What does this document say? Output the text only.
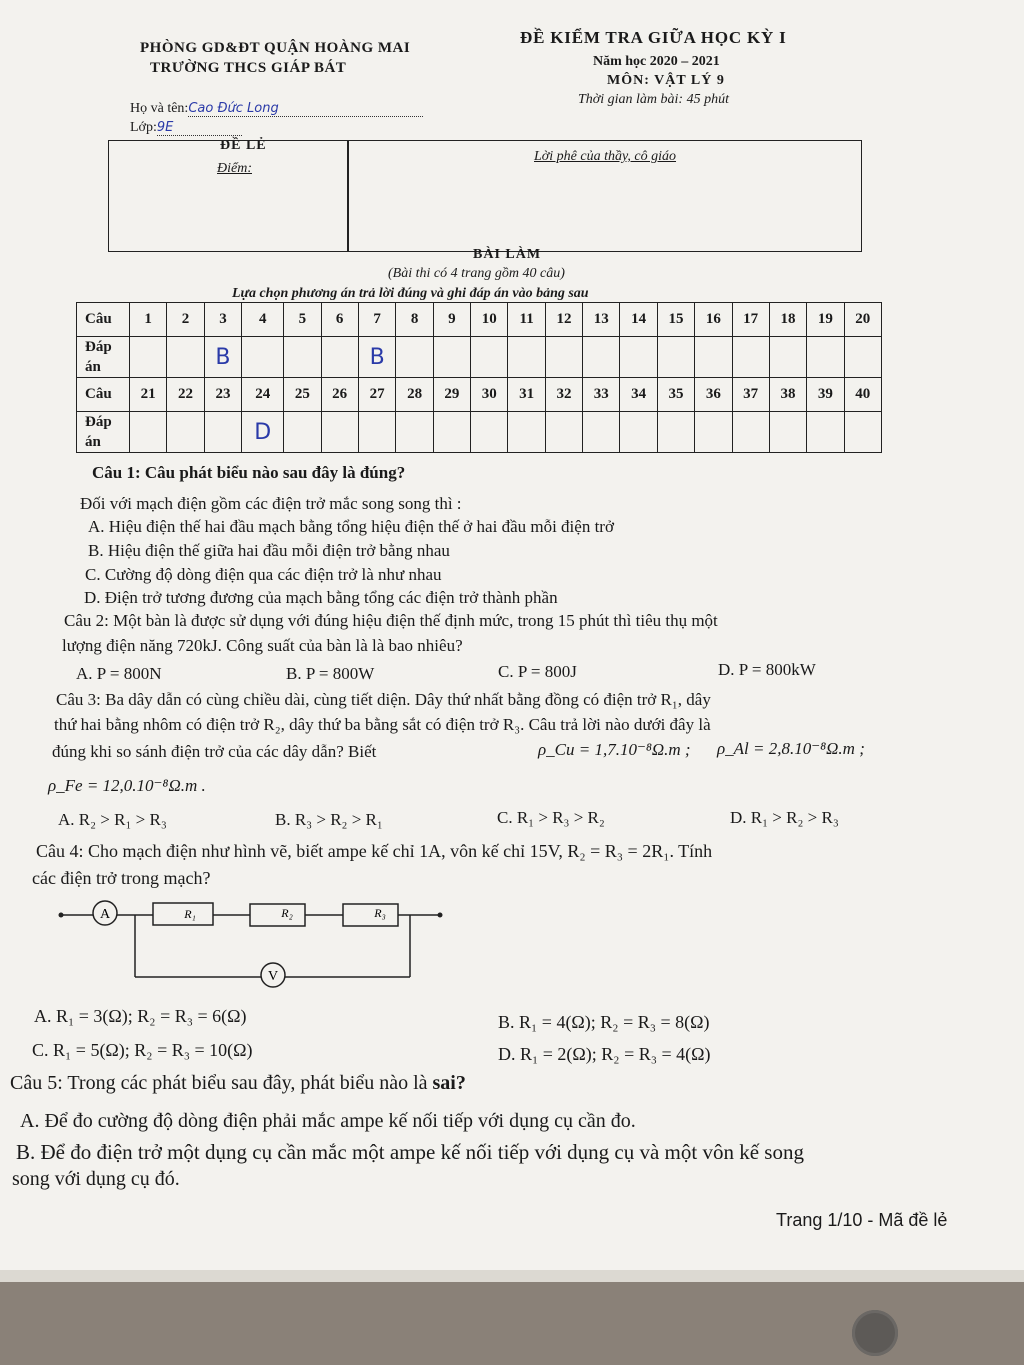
PHÒNG GD&ĐT QUẬN HOÀNG MAI
TRƯỜNG THCS GIÁP BÁT
ĐỀ KIỂM TRA GIỮA HỌC KỲ I
Năm học 2020 – 2021
MÔN: VẬT LÝ 9
Thời gian làm bài: 45 phút
Họ và tên:Cao Đức Long
Lớp:9E
ĐỀ LẺ
Điểm:
Lời phê của thầy, cô giáo
BÀI LÀM
(Bài thi có 4 trang gồm 40 câu)
Lựa chọn phương án trả lời đúng và ghi đáp án vào bảng sau
Câu	1	2	3	4	5	6	7	8	9	10	11	12	13	14	15	16	17	18	19	20
Đáp
án			B				B													
Câu	21	22	23	24	25	26	27	28	29	30	31	32	33	34	35	36	37	38	39	40
Đáp
án				D																
Câu 1: Câu phát biểu nào sau đây là đúng?
Đối với mạch điện gồm các điện trở mắc song song thì :
A. Hiệu điện thế hai đầu mạch bằng tổng hiệu điện thế ở hai đầu mỗi điện trở
B. Hiệu điện thế giữa hai đầu mỗi điện trở bằng nhau
C. Cường độ dòng điện qua các điện trở là như nhau
D. Điện trở tương đương của mạch bằng tổng các điện trở thành phần
Câu 2: Một bàn là được sử dụng với đúng hiệu điện thế định mức, trong 15 phút thì tiêu thụ một
lượng điện năng 720kJ. Công suất của bàn là là bao nhiêu?
A. P = 800N	B. P = 800W	C. P = 800J	D. P = 800kW
Câu 3: Ba dây dẫn có cùng chiều dài, cùng tiết diện. Dây thứ nhất bằng đồng có điện trở R₁, dây
thứ hai bằng nhôm có điện trở R₂, dây thứ ba bằng sắt có điện trở R₃. Câu trả lời nào dưới đây là
đúng khi so sánh điện trở của các dây dẫn? Biết	ρ_Cu = 1,7.10⁻⁸Ω.m ; ρ_Al = 2,8.10⁻⁸Ω.m ;
ρ_Fe = 12,0.10⁻⁸Ω.m .
A. R₂ > R₁ > R₃	B. R₃ > R₂ > R₁	C. R₁ > R₃ > R₂	D. R₁ > R₂ > R₃
Câu 4: Cho mạch điện như hình vẽ, biết ampe kế chỉ 1A, vôn kế chỉ 15V, R₂ = R₃ = 2R₁. Tính
các điện trở trong mạch?
A	R₁	R₂	R₃
V
A. R₁ = 3(Ω); R₂ = R₃ = 6(Ω)	B. R₁ = 4(Ω); R₂ = R₃ = 8(Ω)
C. R₁ = 5(Ω); R₂ = R₃ = 10(Ω)	D. R₁ = 2(Ω); R₂ = R₃ = 4(Ω)
Câu 5: Trong các phát biểu sau đây, phát biểu nào là sai?
A. Để đo cường độ dòng điện phải mắc ampe kế nối tiếp với dụng cụ cần đo.
B. Để đo điện trở một dụng cụ cần mắc một ampe kế nối tiếp với dụng cụ và một vôn kế song
song với dụng cụ đó.
Trang 1/10 - Mã đề lẻ
